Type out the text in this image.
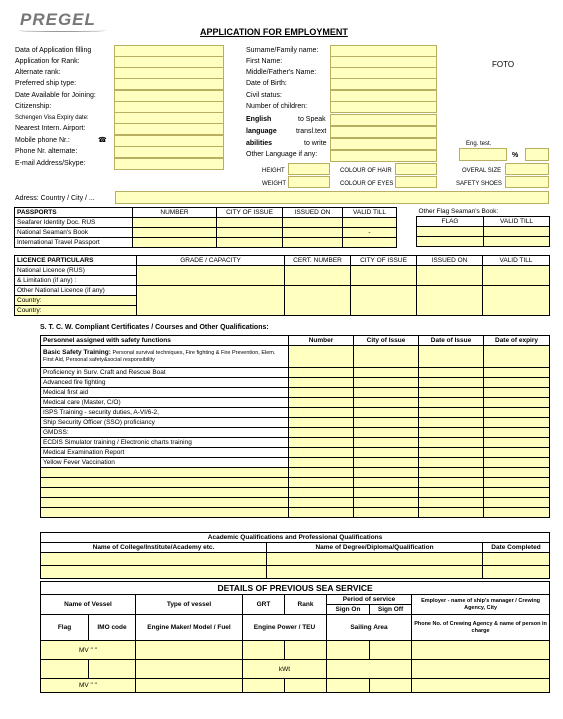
PREGEL
APPLICATION FOR EMPLOYMENT
FOTO
Data of Application filling
Application for Rank:
Alternate rank:
Preferred ship type:
Date Available for Joining:
Citizenship:
Schengen Visa Expiry date:
Nearest Intern. Airport:
Mobile phone Nr.:	☎
Phone Nr. alternate:
E-mail Address/Skype:
Surname/Family name:
First Name:
Middle/Father's Name:
Date of Birth:
Civil status:
Number of children:
English	to Speak
language	transl.text
abilities	to write
Other Language if any:
Eng. test.
%
HEIGHT
WEIGHT
COLOUR OF HAIR
COLOUR OF EYES
OVERAL SIZE
SAFETY SHOES
Adress: Country / City / ...
PASSPORTS	NUMBER	CITY OF ISSUE	ISSUED ON	VALID TILL
Seafarer Identity Doc. RUS				
National Seaman's Book				-
International Travel Passport				
Other Flag Seaman's Book:	
FLAG	VALID TILL

LICENCE PARTICULARS	GRADE / CAPACITY	CERT. NUMBER	CITY OF ISSUE	ISSUED ON	VALID TILL
National Licence (RUS)					
& Limitation (if any) :					
Other National Licence (if any)					
Country:					
Country:					
S. T. C. W. Compliant Certificates / Courses and Other Qualifications:
Personnel assigned with safety functions	Number	City of Issue	Date of Issue	Date of expiry
Basic Safety Training: Personal survival techniques, Fire fighting & Fire Prevention, Elem. First Aid, Personal safety&social responsibility				
Proficiency in Surv. Craft and Rescue Boat				
Advanced fire fighting				
Medical first aid				
Medical care (Master, C/O)				
ISPS Training - security duties, A-VI/6-2,				
Ship Security Officer (SSO) proficiancy				
GMDSS:				
ECDIS Simulator training / Electronic charts training				
Medical Examination Report				
Yellow Fever Vaccination				

Academic Qualifications and Professional Qualifications		
Name of College/Institute/Academy etc.	Name of Degree/Diploma/Qualification	Date Completed

DETAILS OF PREVIOUS SEA SERVICE							
Name of Vessel		Type of vessel	GRT	Rank	Period of service		Employer - name of ship's manager / Crewing Agency, City
					Sign On	Sign Off	
Flag	IMO code	Engine Maker/ Model / Fuel	Engine Power / TEU		Sailing Area		Phone No. of Crewing Agency & name of person in charge
MV " "							
			kWt				
MV " "							
